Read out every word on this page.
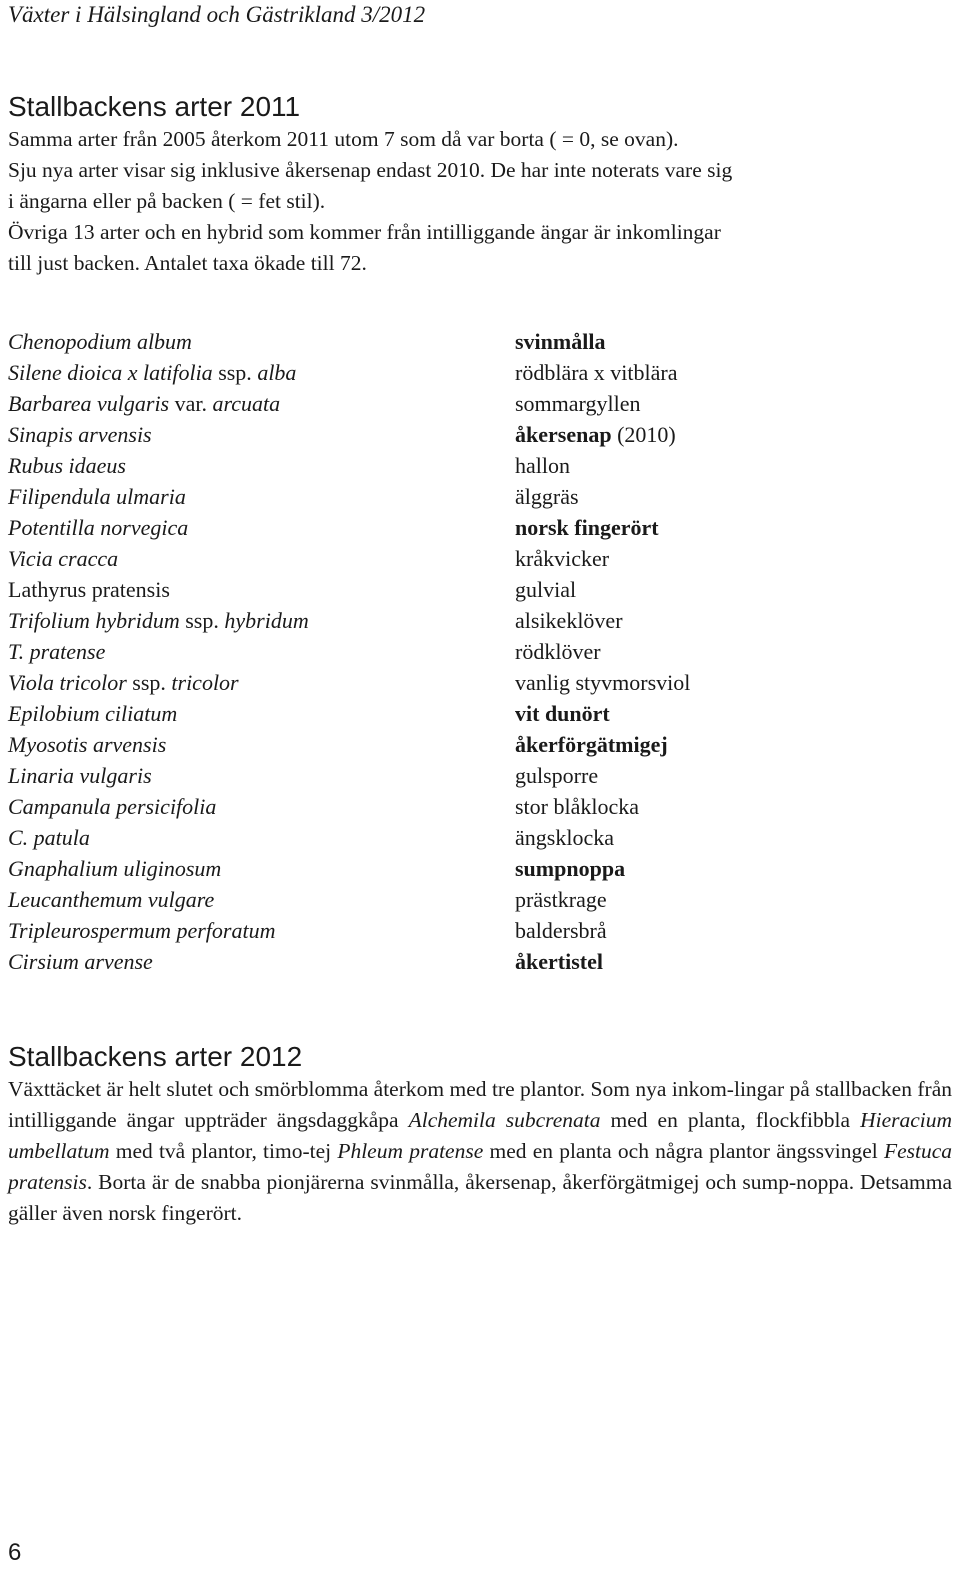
Växter i Hälsingland och Gästrikland 3/2012
Stallbackens arter 2011

Samma arter från 2005 återkom 2011 utom 7 som då var borta ( = 0, se ovan).
Sju nya arter visar sig inklusive åkersenap endast 2010. De har inte noterats vare sig
i ängarna eller på backen ( = fet stil).
Övriga 13 arter och en hybrid som kommer från intilliggande ängar är inkomlingar
till just backen. Antalet taxa ökade till 72.

Chenopodium album	svinmålla
Silene dioica x latifolia ssp. alba	rödblära x vitblära
Barbarea vulgaris var. arcuata	sommargyllen
Sinapis arvensis	åkersenap (2010)
Rubus idaeus	hallon
Filipendula ulmaria	älggräs
Potentilla norvegica	norsk fingerört
Vicia cracca	kråkvicker
Lathyrus pratensis	gulvial
Trifolium hybridum ssp. hybridum	alsikeklöver
T. pratense	rödklöver
Viola tricolor ssp. tricolor	vanlig styvmorsviol
Epilobium ciliatum	vit dunört
Myosotis arvensis	åkerförgätmigej
Linaria vulgaris	gulsporre
Campanula persicifolia	stor blåklocka
C. patula	ängsklocka
Gnaphalium uliginosum	sumpnoppa
Leucanthemum vulgare	prästkrage
Tripleurospermum perforatum	baldersbrå
Cirsium arvense	åkertistel
Stallbackens arter 2012

Växttäcket är helt slutet och smörblomma återkom med tre plantor. Som nya inkom-lingar på stallbacken från intilliggande ängar uppträder ängsdaggkåpa Alchemila subcrenata med en planta, flockfibbla Hieracium umbellatum med två plantor, timo-tej Phleum pratense med en planta och några plantor ängssvingel Festuca pratensis. Borta är de snabba pionjärerna svinmålla, åkersenap, åkerförgätmigej och sump-noppa. Detsamma gäller även norsk fingerört.

6
